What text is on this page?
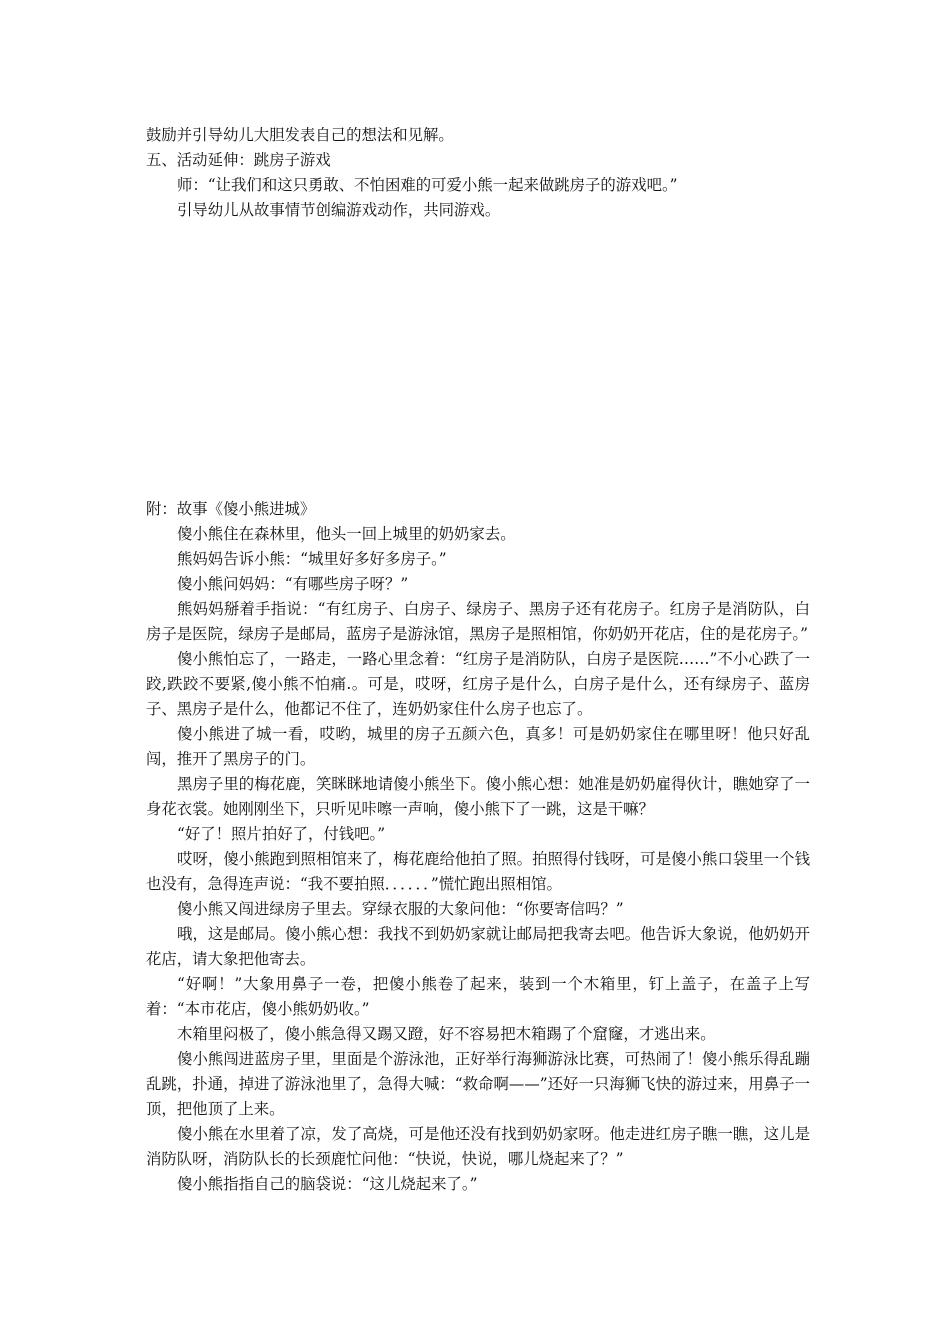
鼓励并引导幼儿大胆发表自己的想法和见解。

五、活动延伸：跳房子游戏

师：“让我们和这只勇敢、不怕困难的可爱小熊一起来做跳房子的游戏吧。”

引导幼儿从故事情节创编游戏动作，共同游戏。

附：故事《傻小熊进城》

傻小熊住在森林里，他头一回上城里的奶奶家去。

熊妈妈告诉小熊：“城里好多好多房子。”

傻小熊问妈妈：“有哪些房子呀？”

熊妈妈掰着手指说：“有红房子、白房子、绿房子、黑房子还有花房子。红房子是消防队，白房子是医院，绿房子是邮局，蓝房子是游泳馆，黑房子是照相馆，你奶奶开花店，住的是花房子。”

傻小熊怕忘了，一路走，一路心里念着：“红房子是消防队，白房子是医院……”不小心跌了一跤,跌跤不要紧,傻小熊不怕痛.。可是，哎呀，红房子是什么，白房子是什么，还有绿房子、蓝房子、黑房子是什么，他都记不住了，连奶奶家住什么房子也忘了。

傻小熊进了城一看，哎哟，城里的房子五颜六色，真多！可是奶奶家住在哪里呀！他只好乱闯，推开了黑房子的门。

黑房子里的梅花鹿，笑眯眯地请傻小熊坐下。傻小熊心想：她准是奶奶雇得伙计，瞧她穿了一身花衣裳。她刚刚坐下，只听见咔嚓一声响，傻小熊下了一跳，这是干嘛？

“好了！照片拍好了，付钱吧。”

哎呀，傻小熊跑到照相馆来了，梅花鹿给他拍了照。拍照得付钱呀，可是傻小熊口袋里一个钱也没有，急得连声说：“我不要拍照．．．．．．”慌忙跑出照相馆。

傻小熊又闯进绿房子里去。穿绿衣服的大象问他：“你要寄信吗？”

哦，这是邮局。傻小熊心想：我找不到奶奶家就让邮局把我寄去吧。他告诉大象说，他奶奶开花店，请大象把他寄去。

“好啊！”大象用鼻子一卷，把傻小熊卷了起来，装到一个木箱里，钉上盖子，在盖子上写着：“本市花店，傻小熊奶奶收。”

木箱里闷极了，傻小熊急得又踢又蹬，好不容易把木箱踢了个窟窿，才逃出来。

傻小熊闯进蓝房子里，里面是个游泳池，正好举行海狮游泳比赛，可热闹了！傻小熊乐得乱蹦乱跳，扑通，掉进了游泳池里了，急得大喊：“救命啊——”还好一只海狮飞快的游过来，用鼻子一顶，把他顶了上来。

傻小熊在水里着了凉，发了高烧，可是他还没有找到奶奶家呀。他走进红房子瞧一瞧，这儿是消防队呀，消防队长的长颈鹿忙问他：“快说，快说，哪儿烧起来了？”

傻小熊指指自己的脑袋说：“这儿烧起来了。”
